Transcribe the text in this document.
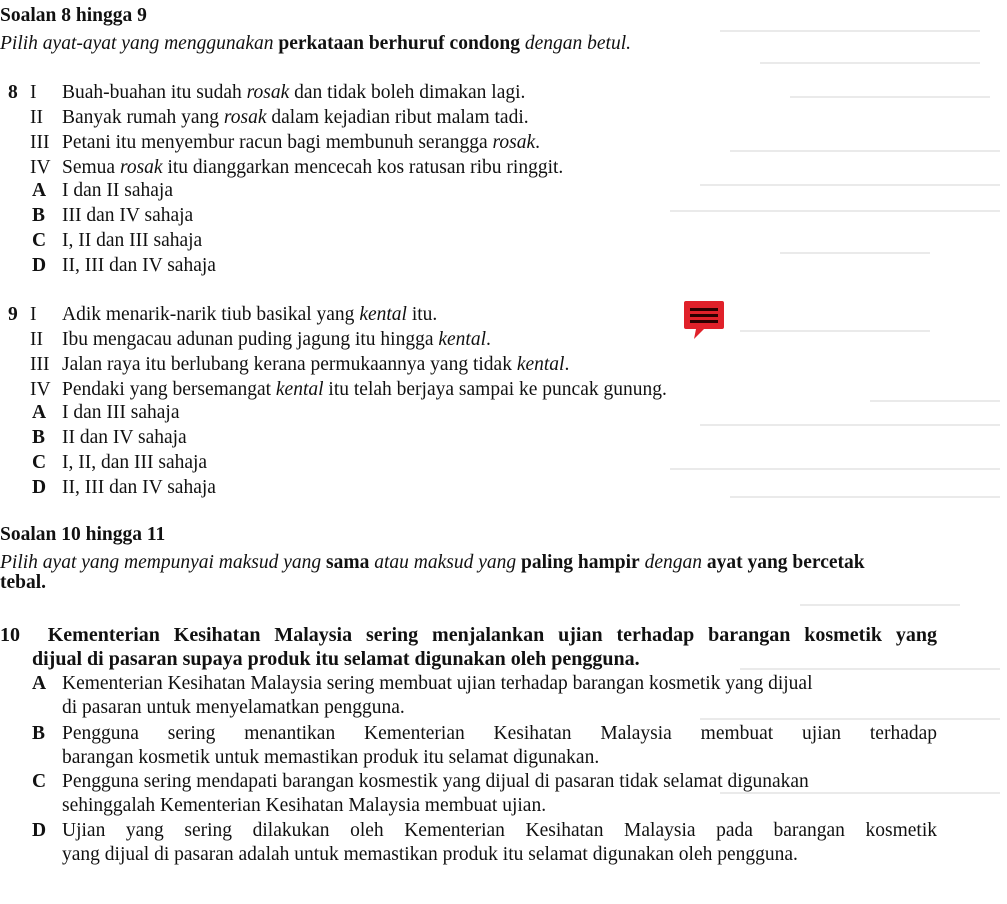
Soalan 8 hingga 9
Pilih ayat-ayat yang menggunakan perkataan berhuruf condong dengan betul.
8 I Buah-buahan itu sudah rosak dan tidak boleh dimakan lagi.
II Banyak rumah yang rosak dalam kejadian ribut malam tadi.
III Petani itu menyembur racun bagi membunuh serangga rosak.
IV Semua rosak itu dianggarkan mencecah kos ratusan ribu ringgit.
A I dan II sahaja
B III dan IV sahaja
C I, II dan III sahaja
D II, III dan IV sahaja
9 I Adik menarik-narik tiub basikal yang kental itu.
II Ibu mengacau adunan puding jagung itu hingga kental.
III Jalan raya itu berlubang kerana permukaannya yang tidak kental.
IV Pendaki yang bersemangat kental itu telah berjaya sampai ke puncak gunung.
A I dan III sahaja
B II dan IV sahaja
C I, II, dan III sahaja
D II, III dan IV sahaja
Soalan 10 hingga 11
Pilih ayat yang mempunyai maksud yang sama atau maksud yang paling hampir dengan ayat yang bercetak
tebal.
10 Kementerian Kesihatan Malaysia sering menjalankan ujian terhadap barangan kosmetik yang
dijual di pasaran supaya produk itu selamat digunakan oleh pengguna.
A Kementerian Kesihatan Malaysia sering membuat ujian terhadap barangan kosmetik yang dijual
di pasaran untuk menyelamatkan pengguna.
B Pengguna sering menantikan Kementerian Kesihatan Malaysia membuat ujian terhadap
barangan kosmetik untuk memastikan produk itu selamat digunakan.
C Pengguna sering mendapati barangan kosmestik yang dijual di pasaran tidak selamat digunakan
sehinggalah Kementerian Kesihatan Malaysia membuat ujian.
D Ujian yang sering dilakukan oleh Kementerian Kesihatan Malaysia pada barangan kosmetik
yang dijual di pasaran adalah untuk memastikan produk itu selamat digunakan oleh pengguna.
